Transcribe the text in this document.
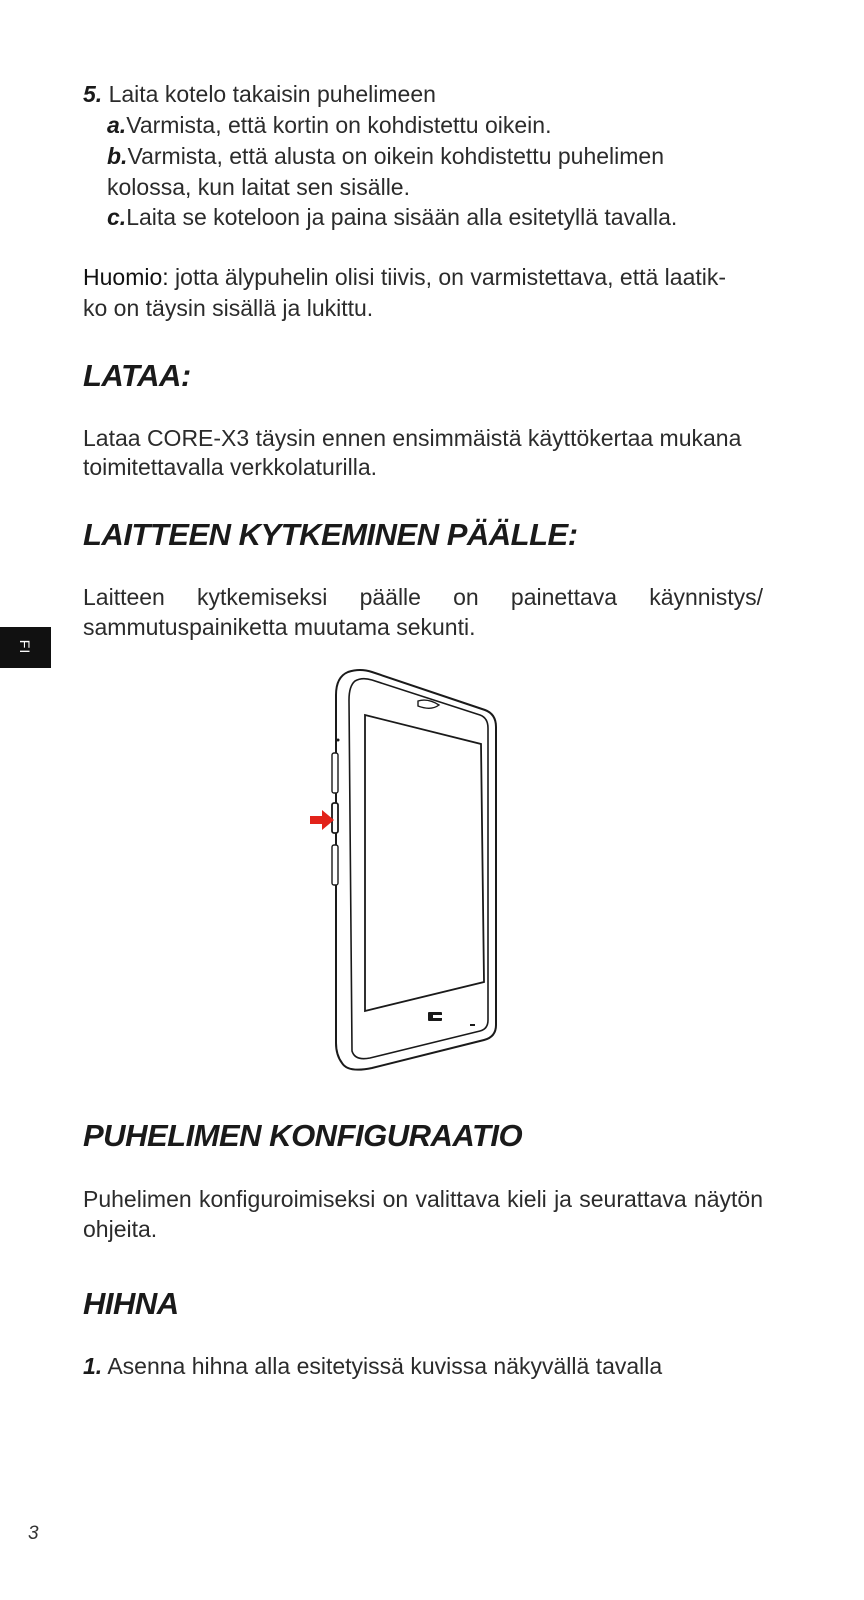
5. Laita kotelo takaisin puhelimeen
a.Varmista, että kortin on kohdistettu oikein.
b.Varmista, että alusta on oikein kohdistettu puhelimen
kolossa, kun laitat sen sisälle.
c.Laita se koteloon ja paina sisään alla esitetyllä tavalla.
Huomio: jotta älypuhelin olisi tiivis, on varmistettava, että laatik-
ko on täysin sisällä ja lukittu.
LATAA:
Lataa CORE-X3 täysin ennen ensimmäistä käyttökertaa mukana toimitettavalla verkkolaturilla.
LAITTEEN KYTKEMINEN PÄÄLLE:
Laitteen kytkemiseksi päälle on painettava käynnistys/ sammutuspainiketta muutama sekunti.
PUHELIMEN KONFIGURAATIO
Puhelimen konfiguroimiseksi on valittava kieli ja seurattava näytön ohjeita.
HIHNA
1. Asenna hihna alla esitetyissä kuvissa näkyvällä tavalla
FI
3
